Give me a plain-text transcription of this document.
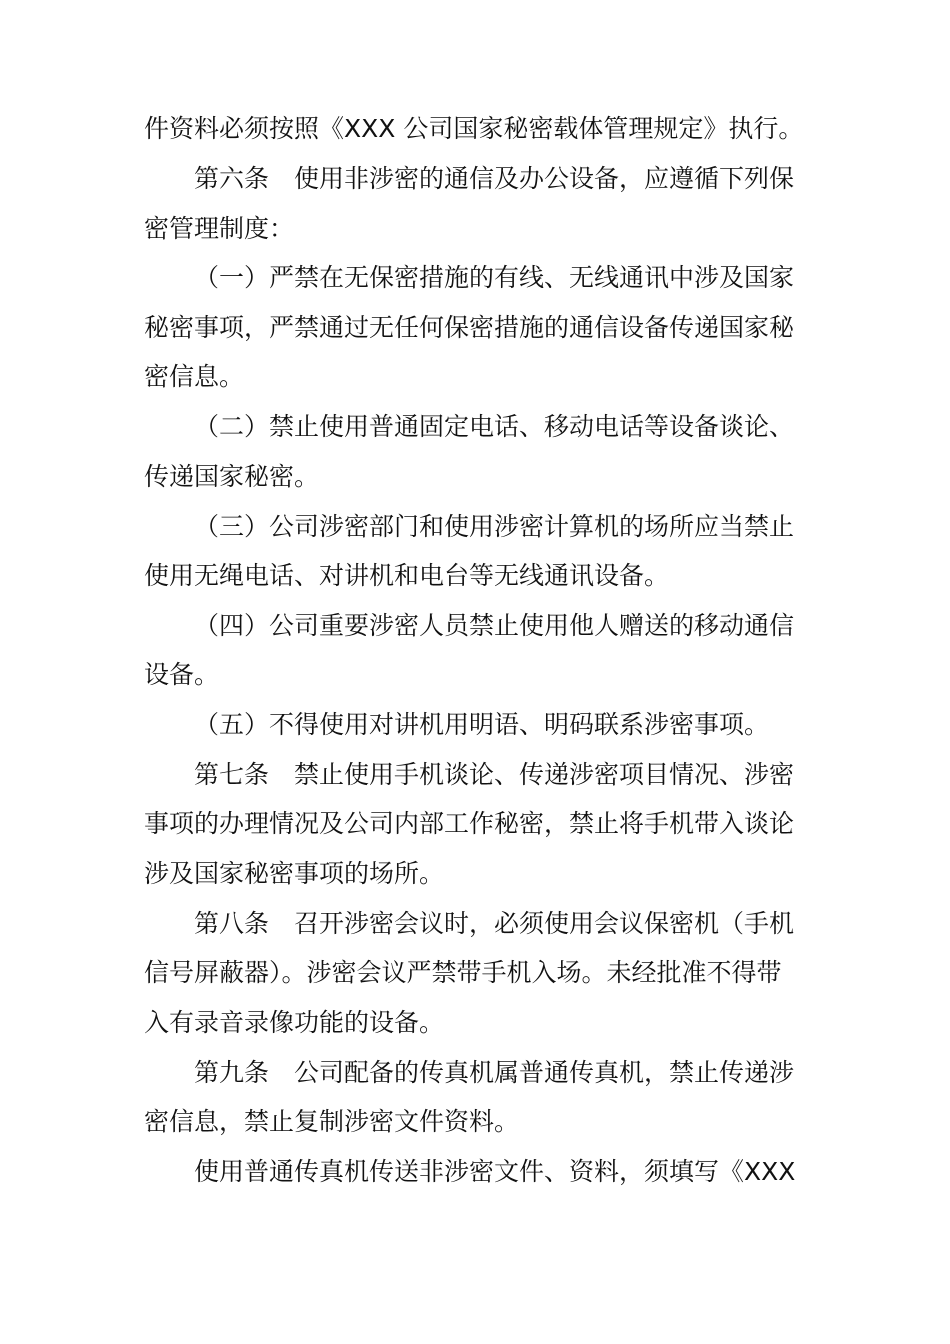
件资料必须按照《XXX 公司国家秘密载体管理规定》执行。
第六条　使用非涉密的通信及办公设备，应遵循下列保
密管理制度：
（一）严禁在无保密措施的有线、无线通讯中涉及国家
秘密事项，严禁通过无任何保密措施的通信设备传递国家秘
密信息。
（二）禁止使用普通固定电话、移动电话等设备谈论、
传递国家秘密。
（三）公司涉密部门和使用涉密计算机的场所应当禁止
使用无绳电话、对讲机和电台等无线通讯设备。
（四）公司重要涉密人员禁止使用他人赠送的移动通信
设备。
（五）不得使用对讲机用明语、明码联系涉密事项。
第七条　禁止使用手机谈论、传递涉密项目情况、涉密
事项的办理情况及公司内部工作秘密，禁止将手机带入谈论
涉及国家秘密事项的场所。
第八条　召开涉密会议时，必须使用会议保密机（手机
信号屏蔽器）。涉密会议严禁带手机入场。未经批准不得带
入有录音录像功能的设备。
第九条　公司配备的传真机属普通传真机，禁止传递涉
密信息，禁止复制涉密文件资料。
使用普通传真机传送非涉密文件、资料，须填写《XXX
